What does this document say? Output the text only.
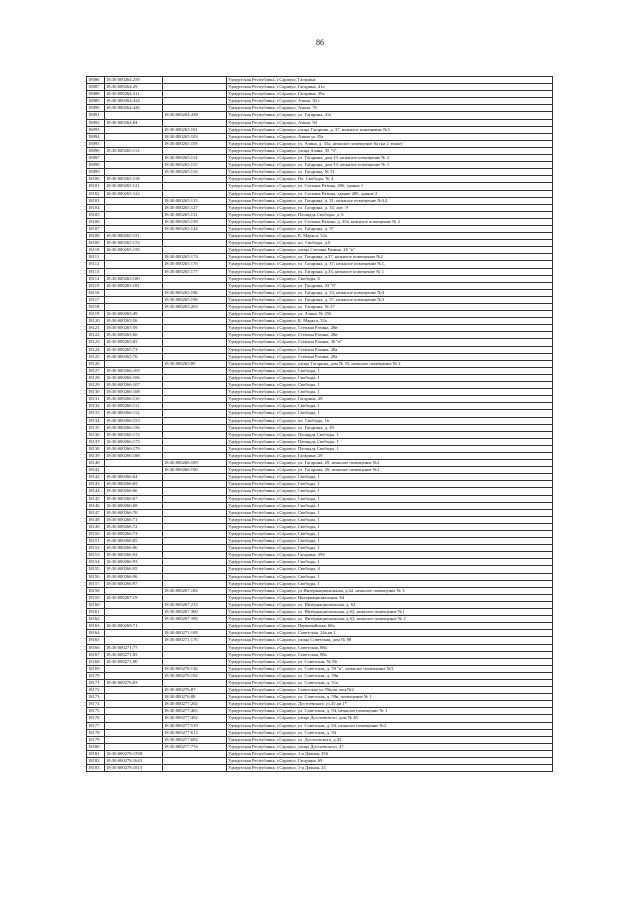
86
18086	18:30:000264:259		Удмуртская Республика, г.Сарапул, Гагарина
18087	18:30:000264:29		Удмуртская Республика, г.Сарапул, Гагарина, 41а
18088	18:30:000264:311		Удмуртская Республика, г.Сарапул, Гагарина, 39а
18089	18:30:000264:424		Удмуртская Республика, г.Сарапул, Азина, 30 г
18090	18:30:000264:426		Удмуртская Республика, г.Сарапул, Азина, 76
18091		18:30:000264:438	Удмуртская Республика, г.Сарапул, ул. Гагарина, 41а
18092	18:30:000264:84		Удмуртская Республика, г.Сарапул, Азина, 50
18093		18:30:000265:101	Удмуртская Республика, г.Сарапул, улица Гагарина, д. 37, нежилое помещение №5
18094		18:30:000265:103	Удмуртская Республика, г.Сарапул, Азина ул.35а
18095		18:30:000265:105	Удмуртская Республика, г.Сарапул, ул. Азина, д. 35а, нежилое помещение 6а (на 2 этаже)
18096	18:30:000265:112		Удмуртская Республика, г.Сарапул, улица Азина, 35 "б"
18097		18:30:000265:114	Удмуртская Республика, г.Сарапул, ул. Гагарина, дом 33, нежилое помещение № 2
18098		18:30:000265:115	Удмуртская Республика, г.Сарапул, ул. Гагарина, дом 33, нежилое помещение № 1
18099		18:30:000265:116	Удмуртская Республика, г.Сарапул, ул. Гагарина, № 31
18100	18:30:000265:118		Удмуртская Республика, г.Сарапул, Пл. Свободы, № 4
18101	18:30:000265:121		Удмуртская Республика, г.Сарапул, ул. Степана Разина, 28б, здание 1
18102	18:30:000265:122		Удмуртская Республика, г.Сарапул, ул. Степана Разина, здание 28б, здание 2
18103		18:30:000265:123	Удмуртская Республика, г.Сарапул, ул. Гагарина, д. 31, нежилое помещение №3,4
18104		18:30:000265:127	Удмуртская Республика, г.Сарапул, ул. Гагарина, д. 33, лит. Э
18105		18:30:000265:131	Удмуртская Республика, г.Сарапул, Площадь Свободы, д. 6
18106		18:30:000265:139	Удмуртская Республика, г.Сарапул, ул. Степана Разина, д. 35а, нежилое помещение № 2
18107		18:30:000265:144	Удмуртская Республика, г.Сарапул, ул. Гагарина, д. 37
18108	18:30:000265:151		Удмуртская Республика, г.Сарапул, К. Маркса, 32а
18109	18:30:000265:153		Удмуртская Республика, г.Сарапул, пл. Свободы, д.6
18110	18:30:000265:159		Удмуртская Республика, г.Сарапул, улица Степана Разина, 28 "в"
18111		18:30:000265:174	Удмуртская Республика, г.Сарапул, ул. Гагарина, д.37, нежилое помещение №2
18112		18:30:000265:176	Удмуртская Республика, г.Сарапул, ул. Гагарина, д. 37, нежилое помещение №1,
18113		18:30:000265:177	Удмуртская Республика, г.Сарапул, ул. Гагарина, д.33, нежилое помещение № 1
18114	18:30:000265:180		Удмуртская Республика, г.Сарапул, Свободы, 6
18115	18:30:000265:181		Удмуртская Республика, г.Сарапул, ул. Гагарина, 33 "б"
18116		18:30:000265:186	Удмуртская Республика, г.Сарапул, ул. Гагарина, д. 33, нежилое помещение №4
18117		18:30:000265:196	Удмуртская Республика, г.Сарапул, ул. Гагарина, д. 37, нежилое помещение №3
18118		18:30:000265:203	Удмуртская Республика, г.Сарапул, ул. Гагарина, № 37
18119	18:30:000265:49		Удмуртская Республика, г.Сарапул, ул. Азина, № 35б
18120	18:30:000265:56		Удмуртская Республика, г.Сарапул, К. Маркса, 32а
18121	18:30:000265:59		Удмуртская Республика, г.Сарапул, Степана Разина, 28в
18122	18:30:000265:60		Удмуртская Республика, г.Сарапул, Степана Разина, 28в
18123	18:30:000265:65		Удмуртская Республика, г.Сарапул, Степана Разина, 30 "в"
18124	18:30:000265:73		Удмуртская Республика, г.Сарапул, Степана Разина, 28а
18125	18:30:000265:76		Удмуртская Республика, г.Сарапул, Степана Разина, 28а
18126		18:30:000265:89	Удмуртская Республика, г.Сарапул, улица Гагарина, дом № 33, нежилое помещение № 2
18127	18:30:000266:103		Удмуртская Республика, г.Сарапул, Свободы, 1
18128	18:30:000266:106		Удмуртская Республика, г.Сарапул, Свободы, 1
18129	18:30:000266:107		Удмуртская Республика, г.Сарапул, Свободы, 1
18130	18:30:000266:108		Удмуртская Республика, г.Сарапул, Свободы, 1
18131	18:30:000266:110		Удмуртская Республика, г.Сарапул, Гагарина, 29
18132	18:30:000266:111		Удмуртская Республика, г.Сарапул, Свободы, 1
18133	18:30:000266:112		Удмуртская Республика, г.Сарапул, Свободы, 1
18134	18:30:000266:153		Удмуртская Республика, г.Сарапул, пл. Свободы, 1в
18135	18:30:000266:156		Удмуртская Республика, г.Сарапул, ул. Гагарина, д. 29
18136	18:30:000266:172		Удмуртская Республика, г.Сарапул, Площадь Свободы, 1
18137	18:30:000266:173		Удмуртская Республика, г.Сарапул, Площадь Свободы, 1
18138	18:30:000266:179		Удмуртская Республика, г.Сарапул, Площадь Свободы, 1
18139	18:30:000266:188		Удмуртская Республика, г.Сарапул, Гагарина, 29
18140		18:30:000266:189	Удмуртская Республика, г.Сарапул, ул. Гагарина, 29, нежилое помещение №2
18141		18:30:000266:190	Удмуртская Республика, г.Сарапул, ул. Гагарина, 29, нежилое помещение №1
18142	18:30:000266:64		Удмуртская Республика, г.Сарапул, Свободы, 1
18143	18:30:000266:65		Удмуртская Республика, г.Сарапул, Свободы, 1
18144	18:30:000266:66		Удмуртская Республика, г.Сарапул, Свободы, 1
18145	18:30:000266:67		Удмуртская Республика, г.Сарапул, Свободы, 1
18146	18:30:000266:68		Удмуртская Республика, г.Сарапул, Свободы, 1
18147	18:30:000266:70		Удмуртская Республика, г.Сарапул, Свободы, 1
18148	18:30:000266:71		Удмуртская Республика, г.Сарапул, Свободы, 1
18149	18:30:000266:72		Удмуртская Республика, г.Сарапул, Свободы, 1
18150	18:30:000266:73		Удмуртская Республика, г.Сарапул, Свободы, 1
18151	18:30:000266:85		Удмуртская Республика, г.Сарапул, Свободы, 1
18152	18:30:000266:86		Удмуртская Республика, г.Сарапул, Свободы, 1
18153	18:30:000266:92		Удмуртская Республика, г.Сарапул, Гагарина, 29б
18154	18:30:000266:93		Удмуртская Республика, г.Сарапул, Свободы, 1
18155	18:30:000266:95		Удмуртская Республика, г.Сарапул, Свободы, 4
18156	18:30:000266:96		Удмуртская Республика, г.Сарапул, Свободы, 1
18157	18:30:000266:97		Удмуртская Республика, г.Сарапул, Свободы, 1
18158		18:30:000267:184	Удмуртская Республика, г.Сарапул, ул.Интернациональная, д.62, нежилое помещение № 3
18159	18:30:000267:19		Удмуртская Республика, г.Сарапул, Интернациональная, 64
18160		18:30:000267:215	Удмуртская Республика, г.Сарапул, ул. Интернациональная, д. 62
18161		18:30:000267:360	Удмуртская Республика, г.Сарапул, ул. Интернациональная, д.62, нежилое помещение №1
18162		18:30:000267:396	Удмуртская Республика, г.Сарапул, ул. Интернациональная, д.62, нежилое помещение № 2
18163	18:30:000269:71		Удмуртская Республика, г.Сарапул, Первомайская, 60а
18164		18:30:000271:169	Удмуртская Республика, г.Сарапул, Советская, 24а,кв.1
18165		18:30:000271:176	Удмуртская Республика, г.Сарапул, улица Советская, дом № 88
18166	18:30:000271:77		Удмуртская Республика, г.Сарапул, Советская, 88а
18167	18:30:000271:85		Удмуртская Республика, г.Сарапул, Советская, 88а
18168	18:30:000271:90		Удмуртская Республика, г.Сарапул, ул. Советская, № 86
18169		18:30:000276:136	Удмуртская Республика, г.Сарапул, ул. Советская, д. 59 "в", нежилое помещение №3
18170		18:30:000276:192	Удмуртская Республика, г.Сарапул, ул. Советская, д. 59в
18171	18:30:000276:83		Удмуртская Республика, г.Сарапул, ул. Советская, д. 51а
18172		18:30:000276:87	Удмуртская Республика, г.Сарапул, Советская ул.59в,нп пом.№2
18173		18:30:000276:88	Удмуртская Республика, г.Сарапул, ул. Советская, д. 59в, помещение № 1
18174		18:30:000277:202	Удмуртская Республика, г.Сарапул, Достоевского ул.45,кв.1*
18175		18:30:000277:465	Удмуртская Республика, г.Сарапул, ул. Советская, д. 94, нежилое помещение № 1
18176		18:30:000277:492	Удмуртская Республика, г.Сарапул, улица Достоевского, дом № 45
18177		18:30:000277:519	Удмуртская Республика, г.Сарапул, ул. Советская, д. 94, нежилое помещение №2
18178		18:30:000277:613	Удмуртская Республика, г.Сарапул, ул. Советская, д. 94
18179		18:30:000277:684	Удмуртская Республика, г.Сарапул, ул. Достоевского, д.45
18180		18:30:000277:774	Удмуртская Республика, г.Сарапул, улица Достоевского, 47
18181	18:30:000278:1598		Удмуртская Республика, г.Сарапул, 1-я Дачная, 25б
18182	18:30:000278:1643		Удмуртская Республика, г.Сарапул, Гагарина, 69
18183	18:30:000278:1813		Удмуртская Республика, г.Сарапул, 1-я Дачная, 23
